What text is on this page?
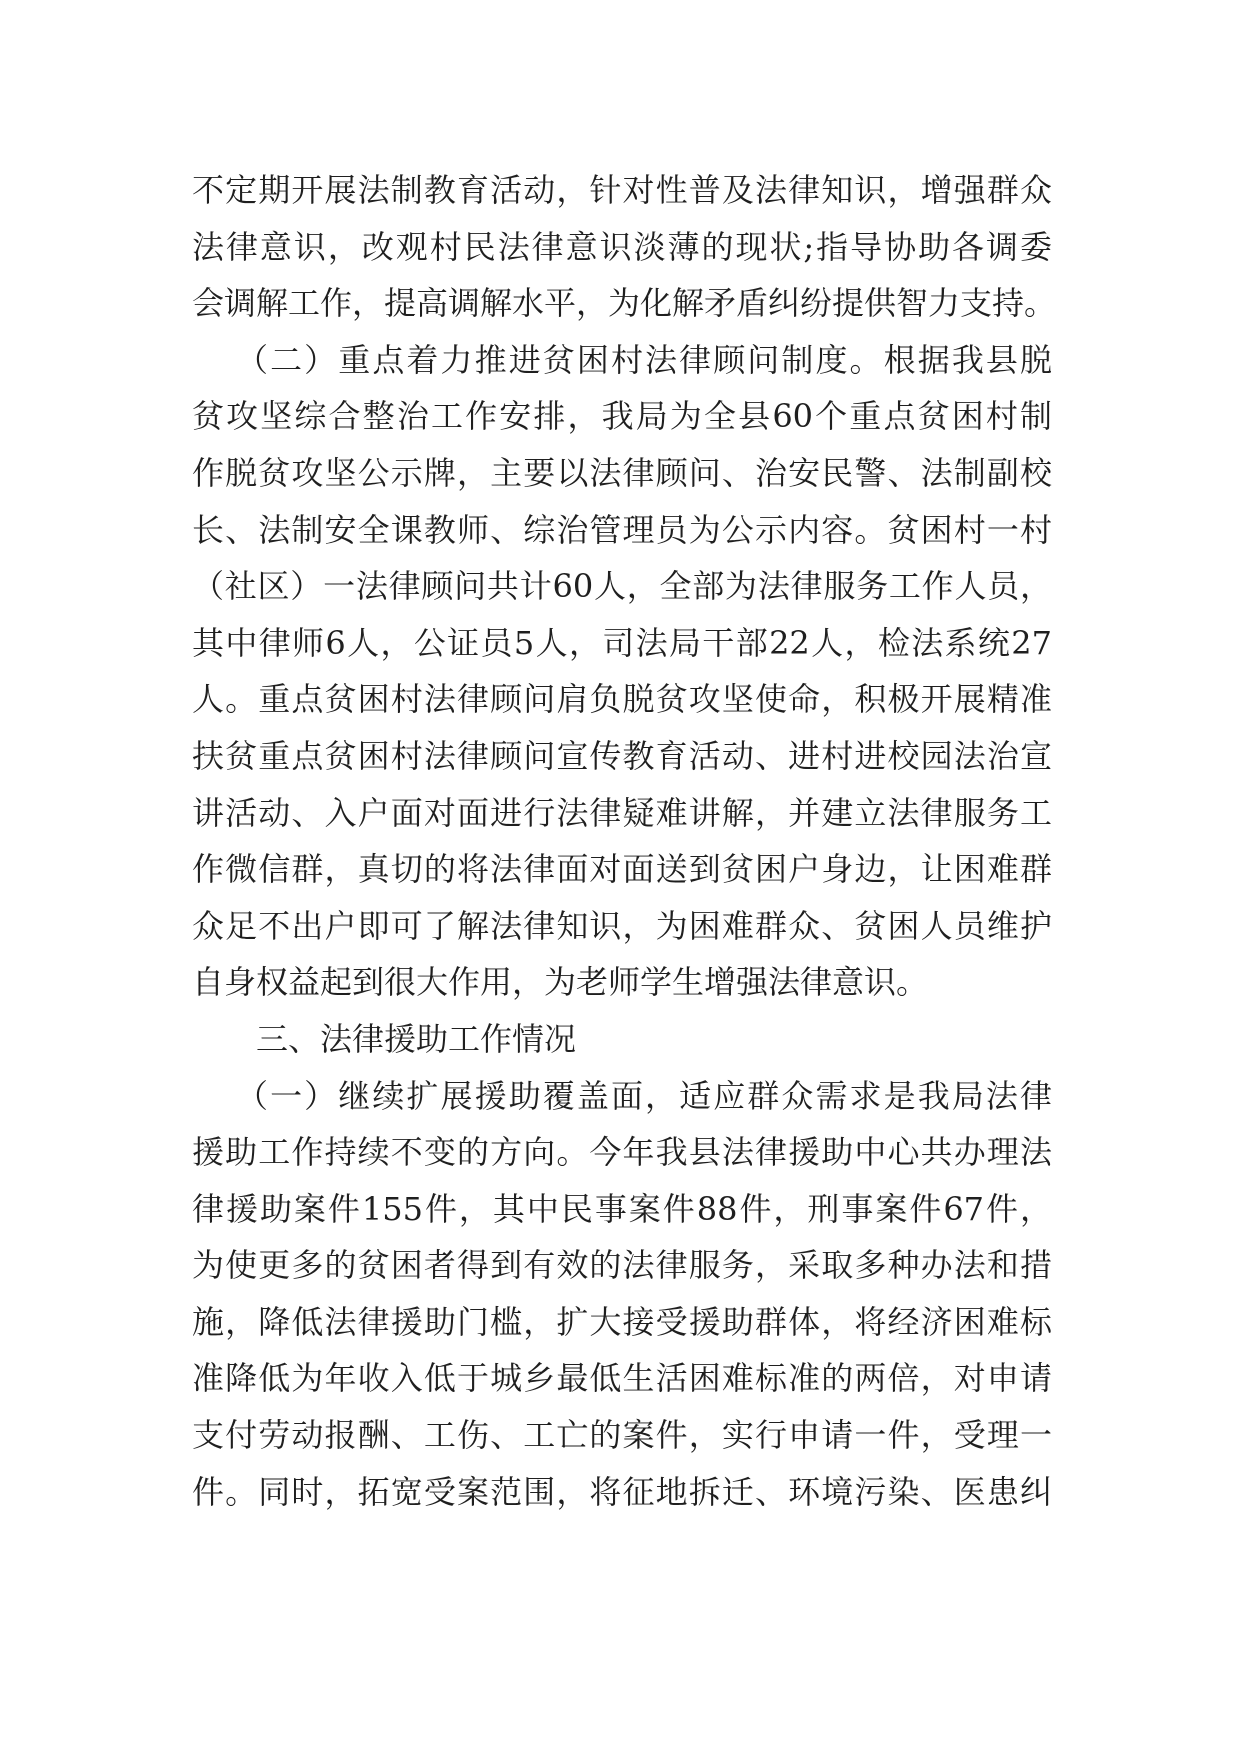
不定期开展法制教育活动，针对性普及法律知识，增强群众
法律意识，改观村民法律意识淡薄的现状;指导协助各调委
会调解工作，提高调解水平，为化解矛盾纠纷提供智力支持。
（二）重点着力推进贫困村法律顾问制度。根据我县脱
贫攻坚综合整治工作安排，我局为全县60个重点贫困村制
作脱贫攻坚公示牌，主要以法律顾问、治安民警、法制副校
长、法制安全课教师、综治管理员为公示内容。贫困村一村
（社区）一法律顾问共计60人，全部为法律服务工作人员，
其中律师6人，公证员5人，司法局干部22人，检法系统27
人。重点贫困村法律顾问肩负脱贫攻坚使命，积极开展精准
扶贫重点贫困村法律顾问宣传教育活动、进村进校园法治宣
讲活动、入户面对面进行法律疑难讲解，并建立法律服务工
作微信群，真切的将法律面对面送到贫困户身边，让困难群
众足不出户即可了解法律知识，为困难群众、贫困人员维护
自身权益起到很大作用，为老师学生增强法律意识。
三、法律援助工作情况
（一）继续扩展援助覆盖面，适应群众需求是我局法律
援助工作持续不变的方向。今年我县法律援助中心共办理法
律援助案件155件，其中民事案件88件，刑事案件67件，
为使更多的贫困者得到有效的法律服务，采取多种办法和措
施，降低法律援助门槛，扩大接受援助群体，将经济困难标
准降低为年收入低于城乡最低生活困难标准的两倍，对申请
支付劳动报酬、工伤、工亡的案件，实行申请一件，受理一
件。同时，拓宽受案范围，将征地拆迁、环境污染、医患纠
